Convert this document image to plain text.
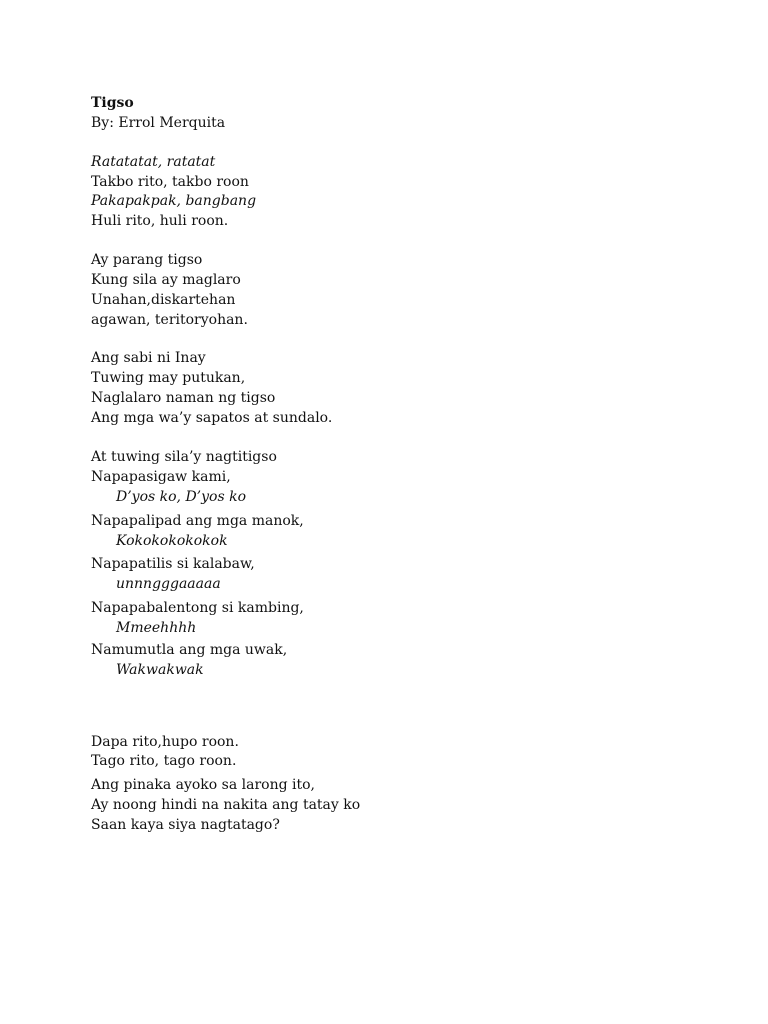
Tigso
By: Errol Merquita
Ratatatat, ratatat
Takbo rito, takbo roon
Pakapakpak, bangbang
Huli rito, huli roon.
Ay parang tigso
Kung sila ay maglaro
Unahan,diskartehan
agawan, teritoryohan.
Ang sabi ni Inay
Tuwing may putukan,
Naglalaro naman ng tigso
Ang mga wa’y sapatos at sundalo.
At tuwing sila’y nagtitigso
Napapasigaw kami,
D’yos ko, D’yos ko
Napapalipad ang mga manok,
Kokokokokokok
Napapatilis si kalabaw,
unnngggaaaaa
Napapabalentong si kambing,
Mmeehhhh
Namumutla ang mga uwak,
Wakwakwak
Dapa rito,hupo roon.
Tago rito, tago roon.
Ang pinaka ayoko sa larong ito,
Ay noong hindi na nakita ang tatay ko
Saan kaya siya nagtatago?
